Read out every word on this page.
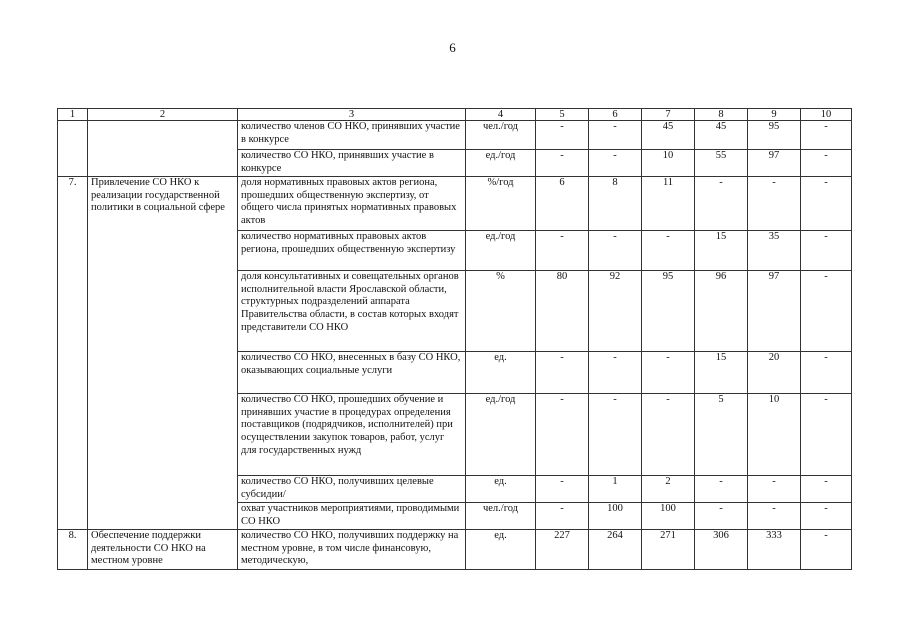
6
1	2	3	4	5	6	7	8	9	10
		количество членов СО НКО, принявших участие в конкурсе	чел./год	-	-	45	45	95	-
		количество СО НКО, принявших участие в конкурсе	ед./год	-	-	10	55	97	-
7.	Привлечение СО НКО к реализации государственной политики в социальной сфере	доля нормативных правовых актов региона, прошедших общественную экспертизу, от общего числа принятых нормативных правовых актов	%/год	6	8	11	-	-	-
		количество нормативных правовых актов региона, прошедших общественную экспертизу	ед./год	-	-	-	15	35	-
		доля консультативных и совещательных органов исполнительной власти Ярославской области, структурных подразделений аппарата Правительства области, в состав которых входят представители СО НКО	%	80	92	95	96	97	-
		количество СО НКО, внесенных в базу СО НКО, оказывающих социальные услуги	ед.	-	-	-	15	20	-
		количество СО НКО, прошедших обучение и принявших участие в процедурах определения поставщиков (подрядчиков, исполнителей) при осуществлении закупок товаров, работ, услуг для государственных нужд	ед./год	-	-	-	5	10	-
		количество СО НКО, получивших целевые субсидии/	ед.	-	1	2	-	-	-
		охват участников мероприятиями, проводимыми СО НКО	чел./год	-	100	100	-	-	-
8.	Обеспечение поддержки деятельности СО НКО на местном уровне	количество СО НКО, получивших поддержку на местном уровне, в том числе финансовую, методическую,	ед.	227	264	271	306	333	-
